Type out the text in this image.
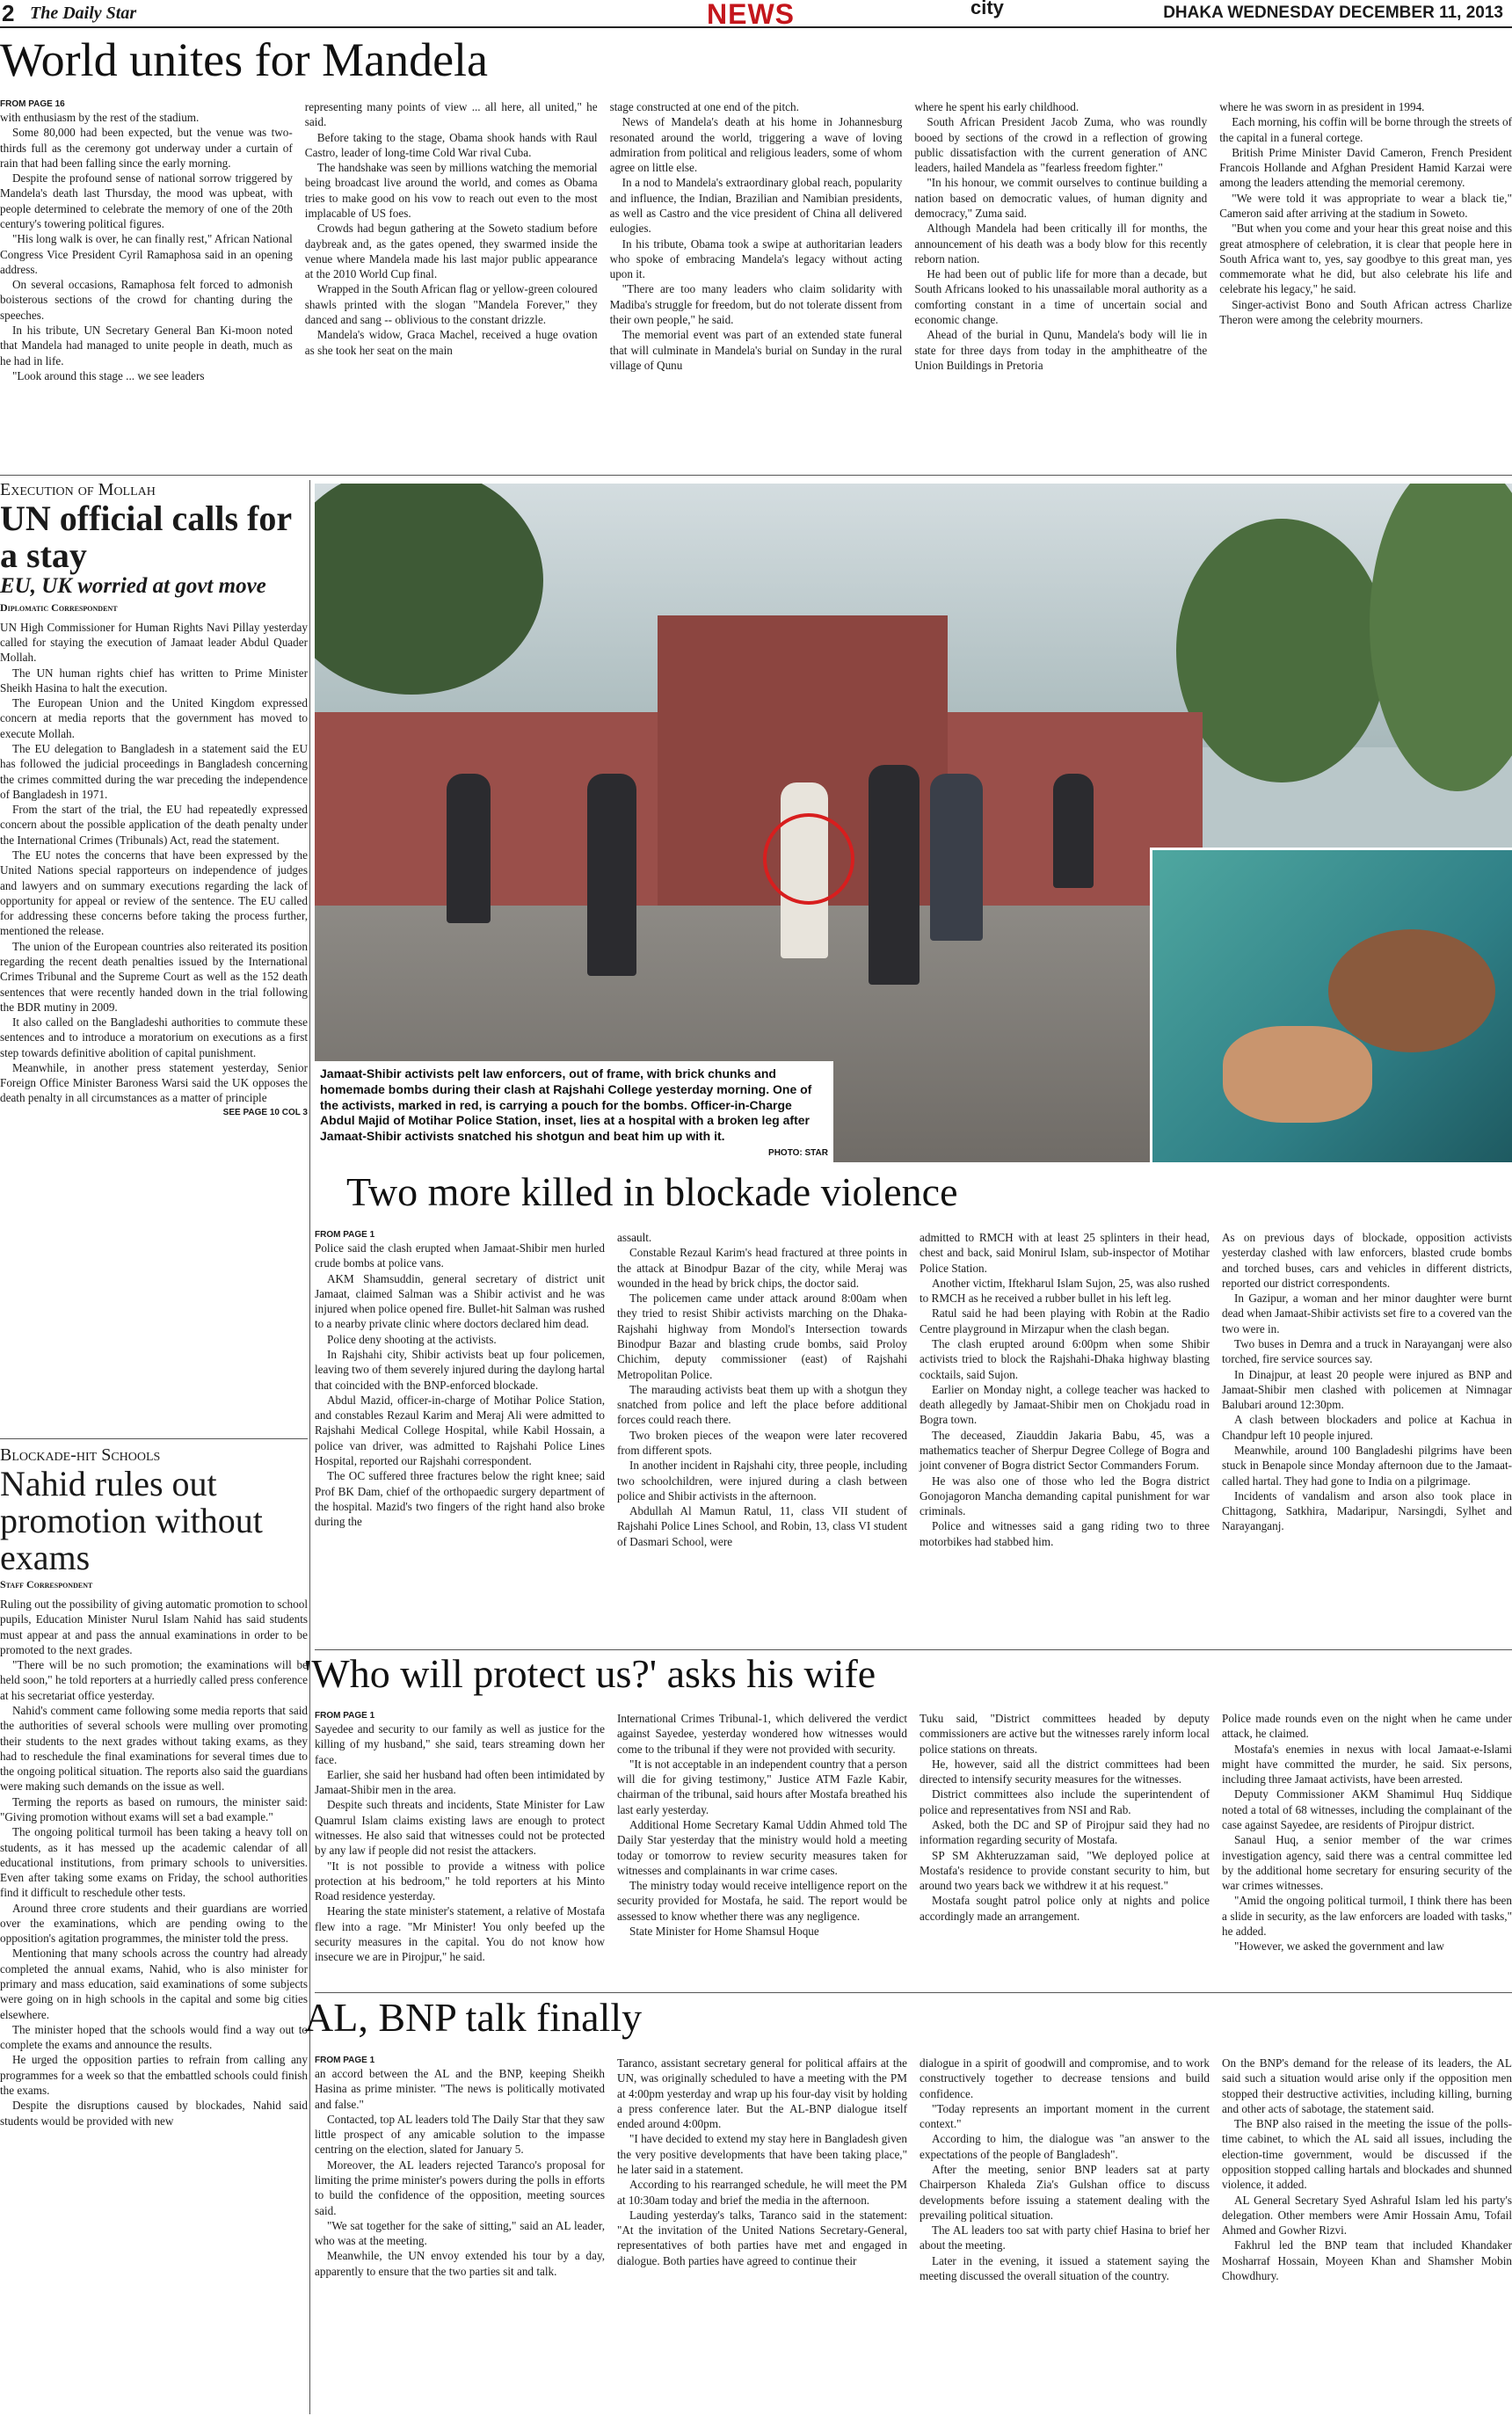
2 The Daily Star	NEWS	city	DHAKA WEDNESDAY DECEMBER 11, 2013
World unites for Mandela
FROM PAGE 16

with enthusiasm by the rest of the stadium.

Some 80,000 had been expected, but the venue was two-thirds full as the ceremony got underway under a curtain of rain that had been falling since the early morning.

Despite the profound sense of national sorrow triggered by Mandela's death last Thursday, the mood was upbeat, with people determined to celebrate the memory of one of the 20th century's towering political figures.

"His long walk is over, he can finally rest," African National Congress Vice President Cyril Ramaphosa said in an opening address.

On several occasions, Ramaphosa felt forced to admonish boisterous sections of the crowd for chanting during the speeches.

In his tribute, UN Secretary General Ban Ki-moon noted that Mandela had managed to unite people in death, much as he had in life.

"Look around this stage ... we see leaders

representing many points of view ... all here, all united," he said.

Before taking to the stage, Obama shook hands with Raul Castro, leader of long-time Cold War rival Cuba.

The handshake was seen by millions watching the memorial being broadcast live around the world, and comes as Obama tries to make good on his vow to reach out even to the most implacable of US foes.

Crowds had begun gathering at the Soweto stadium before daybreak and, as the gates opened, they swarmed inside the venue where Mandela made his last major public appearance at the 2010 World Cup final.

Wrapped in the South African flag or yellow-green coloured shawls printed with the slogan "Mandela Forever," they danced and sang -- oblivious to the constant drizzle.

Mandela's widow, Graca Machel, received a huge ovation as she took her seat on the main

stage constructed at one end of the pitch.

News of Mandela's death at his home in Johannesburg resonated around the world, triggering a wave of loving admiration from political and religious leaders, some of whom agree on little else.

In a nod to Mandela's extraordinary global reach, popularity and influence, the Indian, Brazilian and Namibian presidents, as well as Castro and the vice president of China all delivered eulogies.

In his tribute, Obama took a swipe at authoritarian leaders who spoke of embracing Mandela's legacy without acting upon it.

"There are too many leaders who claim solidarity with Madiba's struggle for freedom, but do not tolerate dissent from their own people," he said.

The memorial event was part of an extended state funeral that will culminate in Mandela's burial on Sunday in the rural village of Qunu

where he spent his early childhood.

South African President Jacob Zuma, who was roundly booed by sections of the crowd in a reflection of growing public dissatisfaction with the current generation of ANC leaders, hailed Mandela as "fearless freedom fighter."

"In his honour, we commit ourselves to continue building a nation based on democratic values, of human dignity and democracy," Zuma said.

Although Mandela had been critically ill for months, the announcement of his death was a body blow for this recently reborn nation.

He had been out of public life for more than a decade, but South Africans looked to his unassailable moral authority as a comforting constant in a time of uncertain social and economic change.

Ahead of the burial in Qunu, Mandela's body will lie in state for three days from today in the amphitheatre of the Union Buildings in Pretoria

where he was sworn in as president in 1994.

Each morning, his coffin will be borne through the streets of the capital in a funeral cortege.

British Prime Minister David Cameron, French President Francois Hollande and Afghan President Hamid Karzai were among the leaders attending the memorial ceremony.

"We were told it was appropriate to wear a black tie," Cameron said after arriving at the stadium in Soweto.

"But when you come and your hear this great noise and this great atmosphere of celebration, it is clear that people here in South Africa want to, yes, say goodbye to this great man, yes commemorate what he did, but also celebrate his life and celebrate his legacy," he said.

Singer-activist Bono and South African actress Charlize Theron were among the celebrity mourners.

Execution of Mollah

UN official calls for a stay

EU, UK worried at govt move

Diplomatic Correspondent

UN High Commissioner for Human Rights Navi Pillay yesterday called for staying the execution of Jamaat leader Abdul Quader Mollah.

The UN human rights chief has written to Prime Minister Sheikh Hasina to halt the execution.

The European Union and the United Kingdom expressed concern at media reports that the government has moved to execute Mollah.

The EU delegation to Bangladesh in a statement said the EU has followed the judicial proceedings in Bangladesh concerning the crimes committed during the war preceding the independence of Bangladesh in 1971.

From the start of the trial, the EU had repeatedly expressed concern about the possible application of the death penalty under the International Crimes (Tribunals) Act, read the statement.

The EU notes the concerns that have been expressed by the United Nations special rapporteurs on independence of judges and lawyers and on summary executions regarding the lack of opportunity for appeal or review of the sentence. The EU called for addressing these concerns before taking the process further, mentioned the release.

The union of the European countries also reiterated its position regarding the recent death penalties issued by the International Crimes Tribunal and the Supreme Court as well as the 152 death sentences that were recently handed down in the trial following the BDR mutiny in 2009.

It also called on the Bangladeshi authorities to commute these sentences and to introduce a moratorium on executions as a first step towards definitive abolition of capital punishment.

Meanwhile, in another press statement yesterday, Senior Foreign Office Minister Baroness Warsi said the UK opposes the death penalty in all circumstances as a matter of principle

SEE PAGE 10 COL 3

Blockade-hit Schools

Nahid rules out promotion without exams
Staff Correspondent

Ruling out the possibility of giving automatic promotion to school pupils, Education Minister Nurul Islam Nahid has said students must appear at and pass the annual examinations in order to be promoted to the next grades.

"There will be no such promotion; the examinations will be held soon," he told reporters at a hurriedly called press conference at his secretariat office yesterday.

Nahid's comment came following some media reports that said the authorities of several schools were mulling over promoting their students to the next grades without taking exams, as they had to reschedule the final examinations for several times due to the ongoing political situation. The reports also said the guardians were making such demands on the issue as well.

Terming the reports as based on rumours, the minister said: "Giving promotion without exams will set a bad example."

The ongoing political turmoil has been taking a heavy toll on students, as it has messed up the academic calendar of all educational institutions, from primary schools to universities. Even after taking some exams on Friday, the school authorities find it difficult to reschedule other tests.

Around three crore students and their guardians are worried over the examinations, which are pending owing to the opposition's agitation programmes, the minister told the press.

Mentioning that many schools across the country had already completed the annual exams, Nahid, who is also minister for primary and mass education, said examinations of some subjects were going on in high schools in the capital and some big cities elsewhere.

The minister hoped that the schools would find a way out to complete the exams and announce the results.

He urged the opposition parties to refrain from calling any programmes for a week so that the embattled schools could finish the exams.

Despite the disruptions caused by blockades, Nahid said students would be provided with new

Jamaat-Shibir activists pelt law enforcers, out of frame, with brick chunks and homemade bombs during their clash at Rajshahi College yesterday morning. One of the activists, marked in red, is carrying a pouch for the bombs. Officer-in-Charge Abdul Majid of Motihar Police Station, inset, lies at a hospital with a broken leg after Jamaat-Shibir activists snatched his shotgun and beat him up with it.
PHOTO: STAR
Two more killed in blockade violence
FROM PAGE 1

Police said the clash erupted when Jamaat-Shibir men hurled crude bombs at police vans.

AKM Shamsuddin, general secretary of district unit Jamaat, claimed Salman was a Shibir activist and he was injured when police opened fire. Bullet-hit Salman was rushed to a nearby private clinic where doctors declared him dead.

Police deny shooting at the activists.

In Rajshahi city, Shibir activists beat up four policemen, leaving two of them severely injured during the daylong hartal that coincided with the BNP-enforced blockade.

Abdul Mazid, officer-in-charge of Motihar Police Station, and constables Rezaul Karim and Meraj Ali were admitted to Rajshahi Medical College Hospital, while Kabil Hossain, a police van driver, was admitted to Rajshahi Police Lines Hospital, reported our Rajshahi correspondent.

The OC suffered three fractures below the right knee; said Prof BK Dam, chief of the orthopaedic surgery department of the hospital. Mazid's two fingers of the right hand also broke during the

assault.

Constable Rezaul Karim's head fractured at three points in the attack at Binodpur Bazar of the city, while Meraj was wounded in the head by brick chips, the doctor said.

The policemen came under attack around 8:00am when they tried to resist Shibir activists marching on the Dhaka-Rajshahi highway from Mondol's Intersection towards Binodpur Bazar and blasting crude bombs, said Proloy Chichim, deputy commissioner (east) of Rajshahi Metropolitan Police.

The marauding activists beat them up with a shotgun they snatched from police and left the place before additional forces could reach there.

Two broken pieces of the weapon were later recovered from different spots.

In another incident in Rajshahi city, three people, including two schoolchildren, were injured during a clash between police and Shibir activists in the afternoon.

Abdullah Al Mamun Ratul, 11, class VII student of Rajshahi Police Lines School, and Robin, 13, class VI student of Dasmari School, were

admitted to RMCH with at least 25 splinters in their head, chest and back, said Monirul Islam, sub-inspector of Motihar Police Station.

Another victim, Iftekharul Islam Sujon, 25, was also rushed to RMCH as he received a rubber bullet in his left leg.

Ratul said he had been playing with Robin at the Radio Centre playground in Mirzapur when the clash began.

The clash erupted around 6:00pm when some Shibir activists tried to block the Rajshahi-Dhaka highway blasting cocktails, said Sujon.

Earlier on Monday night, a college teacher was hacked to death allegedly by Jamaat-Shibir men on Chokjadu road in Bogra town.

The deceased, Ziauddin Jakaria Babu, 45, was a mathematics teacher of Sherpur Degree College of Bogra and joint convener of Bogra district Sector Commanders Forum.

He was also one of those who led the Bogra district Gonojagoron Mancha demanding capital punishment for war criminals.

Police and witnesses said a gang riding two to three motorbikes had stabbed him.

As on previous days of blockade, opposition activists yesterday clashed with law enforcers, blasted crude bombs and torched buses, cars and vehicles in different districts, reported our district correspondents.

In Gazipur, a woman and her minor daughter were burnt dead when Jamaat-Shibir activists set fire to a covered van the two were in.

Two buses in Demra and a truck in Narayanganj were also torched, fire service sources say.

In Dinajpur, at least 20 people were injured as BNP and Jamaat-Shibir men clashed with policemen at Nimnagar Balubari around 12:30pm.

A clash between blockaders and police at Kachua in Chandpur left 10 people injured.

Meanwhile, around 100 Bangladeshi pilgrims have been stuck in Benapole since Monday afternoon due to the Jamaat-called hartal. They had gone to India on a pilgrimage.

Incidents of vandalism and arson also took place in Chittagong, Satkhira, Madaripur, Narsingdi, Sylhet and Narayanganj.

'Who will protect us?' asks his wife
FROM PAGE 1

Sayedee and security to our family as well as justice for the killing of my husband," she said, tears streaming down her face.

Earlier, she said her husband had often been intimidated by Jamaat-Shibir men in the area.

Despite such threats and incidents, State Minister for Law Quamrul Islam claims existing laws are enough to protect witnesses. He also said that witnesses could not be protected by any law if people did not resist the attackers.

"It is not possible to provide a witness with police protection at his bedroom," he told reporters at his Minto Road residence yesterday.

Hearing the state minister's statement, a relative of Mostafa flew into a rage. "Mr Minister! You only beefed up the security measures in the capital. You do not know how insecure we are in Pirojpur," he said.

International Crimes Tribunal-1, which delivered the verdict against Sayedee, yesterday wondered how witnesses would come to the tribunal if they were not provided with security.

"It is not acceptable in an independent country that a person will die for giving testimony," Justice ATM Fazle Kabir, chairman of the tribunal, said hours after Mostafa breathed his last early yesterday.

Additional Home Secretary Kamal Uddin Ahmed told The Daily Star yesterday that the ministry would hold a meeting today or tomorrow to review security measures taken for witnesses and complainants in war crime cases.

The ministry today would receive intelligence report on the security provided for Mostafa, he said. The report would be assessed to know whether there was any negligence.

State Minister for Home Shamsul Hoque

Tuku said, "District committees headed by deputy commissioners are active but the witnesses rarely inform local police stations on threats.

He, however, said all the district committees had been directed to intensify security measures for the witnesses.

District committees also include the superintendent of police and representatives from NSI and Rab.

Asked, both the DC and SP of Pirojpur said they had no information regarding security of Mostafa.

SP SM Akhteruzzaman said, "We deployed police at Mostafa's residence to provide constant security to him, but around two years back we withdrew it at his request."

Mostafa sought patrol police only at nights and police accordingly made an arrangement.

Police made rounds even on the night when he came under attack, he claimed.

Mostafa's enemies in nexus with local Jamaat-e-Islami might have committed the murder, he said. Six persons, including three Jamaat activists, have been arrested.

Deputy Commissioner AKM Shamimul Huq Siddique noted a total of 68 witnesses, including the complainant of the case against Sayedee, are residents of Pirojpur district.

Sanaul Huq, a senior member of the war crimes investigation agency, said there was a central committee led by the additional home secretary for ensuring security of the war crimes witnesses.

"Amid the ongoing political turmoil, I think there has been a slide in security, as the law enforcers are loaded with tasks," he added.

"However, we asked the government and law

AL, BNP talk finally
FROM PAGE 1

an accord between the AL and the BNP, keeping Sheikh Hasina as prime minister. "The news is politically motivated and false."

Contacted, top AL leaders told The Daily Star that they saw little prospect of any amicable solution to the impasse centring on the election, slated for January 5.

Moreover, the AL leaders rejected Taranco's proposal for limiting the prime minister's powers during the polls in efforts to build the confidence of the opposition, meeting sources said.

"We sat together for the sake of sitting," said an AL leader, who was at the meeting.

Meanwhile, the UN envoy extended his tour by a day, apparently to ensure that the two parties sit and talk.

Taranco, assistant secretary general for political affairs at the UN, was originally scheduled to have a meeting with the PM at 4:00pm yesterday and wrap up his four-day visit by holding a press conference later. But the AL-BNP dialogue itself ended around 4:00pm.

"I have decided to extend my stay here in Bangladesh given the very positive developments that have been taking place," he later said in a statement.

According to his rearranged schedule, he will meet the PM at 10:30am today and brief the media in the afternoon.

Lauding yesterday's talks, Taranco said in the statement: "At the invitation of the United Nations Secretary-General, representatives of both parties have met and engaged in dialogue. Both parties have agreed to continue their

dialogue in a spirit of goodwill and compromise, and to work constructively together to decrease tensions and build confidence.

"Today represents an important moment in the current context."

According to him, the dialogue was "an answer to the expectations of the people of Bangladesh".

After the meeting, senior BNP leaders sat at party Chairperson Khaleda Zia's Gulshan office to discuss developments before issuing a statement dealing with the prevailing political situation.

The AL leaders too sat with party chief Hasina to brief her about the meeting.

Later in the evening, it issued a statement saying the meeting discussed the overall situation of the country.

On the BNP's demand for the release of its leaders, the AL said such a situation would arise only if the opposition men stopped their destructive activities, including killing, burning and other acts of sabotage, the statement said.

The BNP also raised in the meeting the issue of the polls-time cabinet, to which the AL said all issues, including the election-time government, would be discussed if the opposition stopped calling hartals and blockades and shunned violence, it added.

AL General Secretary Syed Ashraful Islam led his party's delegation. Other members were Amir Hossain Amu, Tofail Ahmed and Gowher Rizvi.

Fakhrul led the BNP team that included Khandaker Mosharraf Hossain, Moyeen Khan and Shamsher Mobin Chowdhury.
